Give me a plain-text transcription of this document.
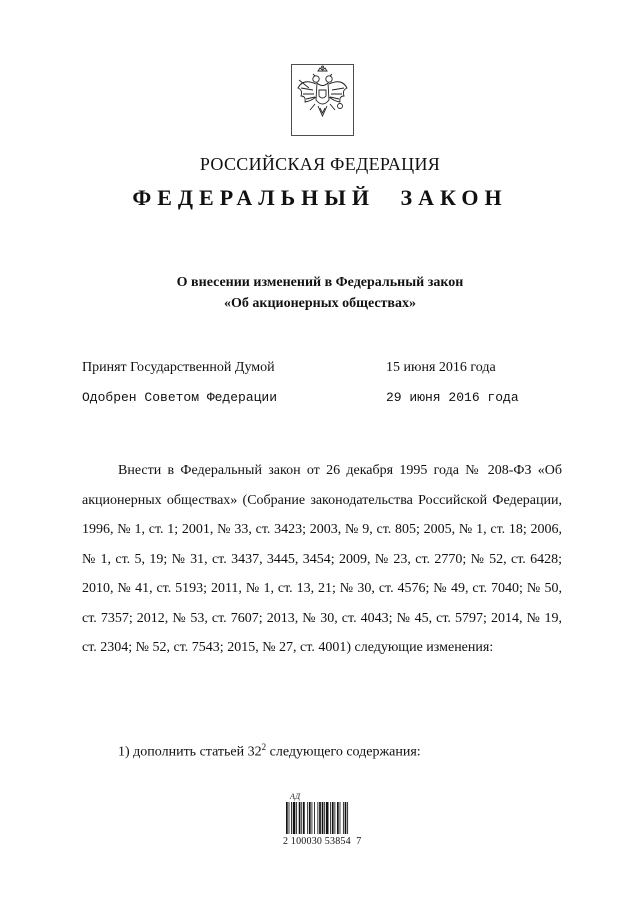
РОССИЙСКАЯ ФЕДЕРАЦИЯ
ФЕДЕРАЛЬНЫЙ ЗАКОН
О внесении изменений в Федеральный закон
«Об акционерных обществах»
Принят Государственной Думой	15 июня 2016 года
Одобрен Советом Федерации	29 июня 2016 года

Внести в Федеральный закон от 26 декабря 1995 года № 208-ФЗ «Об акционерных обществах» (Собрание законодательства Российской Федерации, 1996, № 1, ст. 1; 2001, № 33, ст. 3423; 2003, № 9, ст. 805; 2005, № 1, ст. 18; 2006, № 1, ст. 5, 19; № 31, ст. 3437, 3445, 3454; 2009, № 23, ст. 2770; № 52, ст. 6428; 2010, № 41, ст. 5193; 2011, № 1, ст. 13, 21; № 30, ст. 4576; № 49, ст. 7040; № 50, ст. 7357; 2012, № 53, ст. 7607; 2013, № 30, ст. 4043; № 45, ст. 5797; 2014, № 19, ст. 2304; № 52, ст. 7543; 2015, № 27, ст. 4001) следующие изменения:

1) дополнить статьей $32^2$ следующего содержания:
АД
2 100030 53854  7
